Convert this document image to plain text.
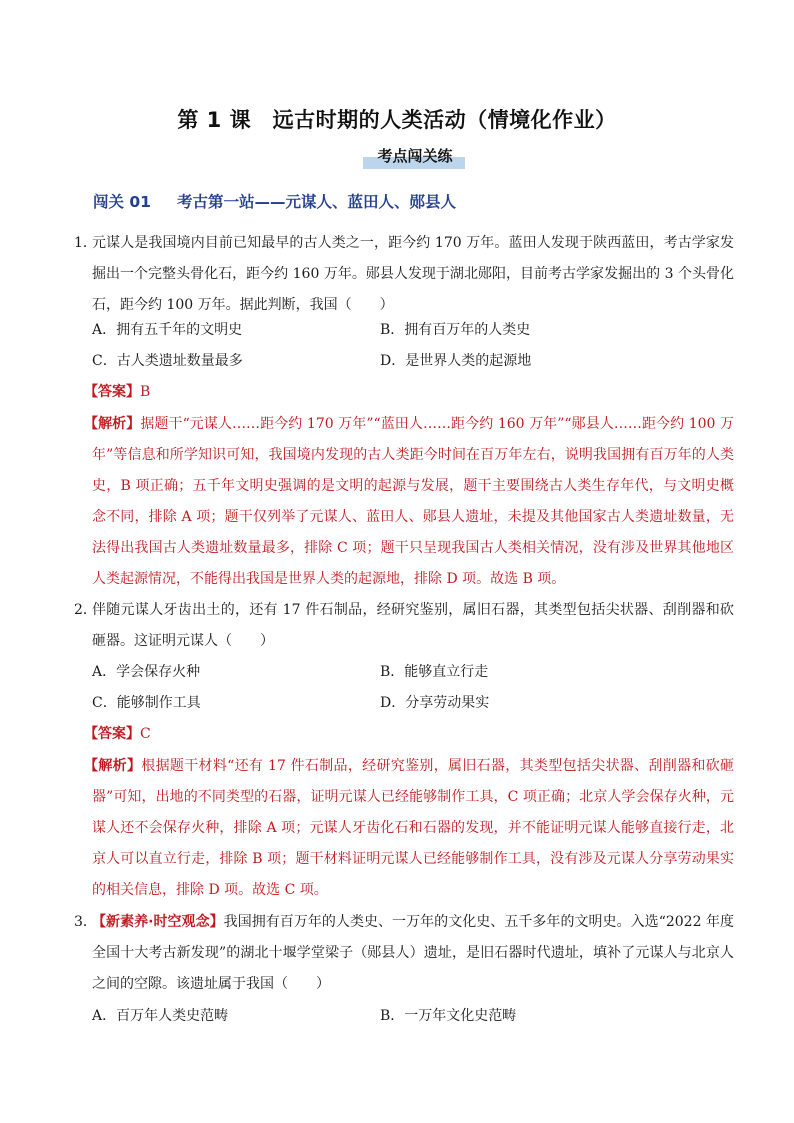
第 1 课　远古时期的人类活动（情境化作业）
考点闯关练
闯关 01 考古第一站——元谋人、蓝田人、郧县人
1．
元谋人是我国境内目前已知最早的古人类之一，距今约 170 万年。蓝田人发现于陕西蓝田，考古学家发掘出一个完整头骨化石，距今约 160 万年。郧县人发现于湖北郧阳，目前考古学家发掘出的 3 个头骨化石，距今约 100 万年。据此判断，我国（　　）
A．拥有五千年的文明史	B．拥有百万年的人类史
C．古人类遗址数量最多	D．是世界人类的起源地
【答案】B
【解析】据题干“元谋人……距今约 170 万年”“蓝田人……距今约 160 万年”“郧县人……距今约 100 万年”等信息和所学知识可知，我国境内发现的古人类距今时间在百万年左右，说明我国拥有百万年的人类史，B 项正确；五千年文明史强调的是文明的起源与发展，题干主要围绕古人类生存年代，与文明史概念不同，排除 A 项；题干仅列举了元谋人、蓝田人、郧县人遗址，未提及其他国家古人类遗址数量，无法得出我国古人类遗址数量最多，排除 C 项；题干只呈现我国古人类相关情况，没有涉及世界其他地区人类起源情况，不能得出我国是世界人类的起源地，排除 D 项。故选 B 项。
2．
伴随元谋人牙齿出土的，还有 17 件石制品，经研究鉴别，属旧石器，其类型包括尖状器、刮削器和砍砸器。这证明元谋人（　　）
A．学会保存火种	B．能够直立行走
C．能够制作工具	D．分享劳动果实
【答案】C
【解析】根据题干材料“还有 17 件石制品，经研究鉴别，属旧石器，其类型包括尖状器、刮削器和砍砸器”可知，出地的不同类型的石器，证明元谋人已经能够制作工具，C 项正确；北京人学会保存火种，元谋人还不会保存火种，排除 A 项；元谋人牙齿化石和石器的发现，并不能证明元谋人能够直接行走，北京人可以直立行走，排除 B 项；题干材料证明元谋人已经能够制作工具，没有涉及元谋人分享劳动果实的相关信息，排除 D 项。故选 C 项。
3．
【新素养·时空观念】我国拥有百万年的人类史、一万年的文化史、五千多年的文明史。入选“2022 年度全国十大考古新发现”的湖北十堰学堂梁子（郧县人）遗址，是旧石器时代遗址，填补了元谋人与北京人之间的空隙。该遗址属于我国（　　）
A．百万年人类史范畴	B．一万年文化史范畴
